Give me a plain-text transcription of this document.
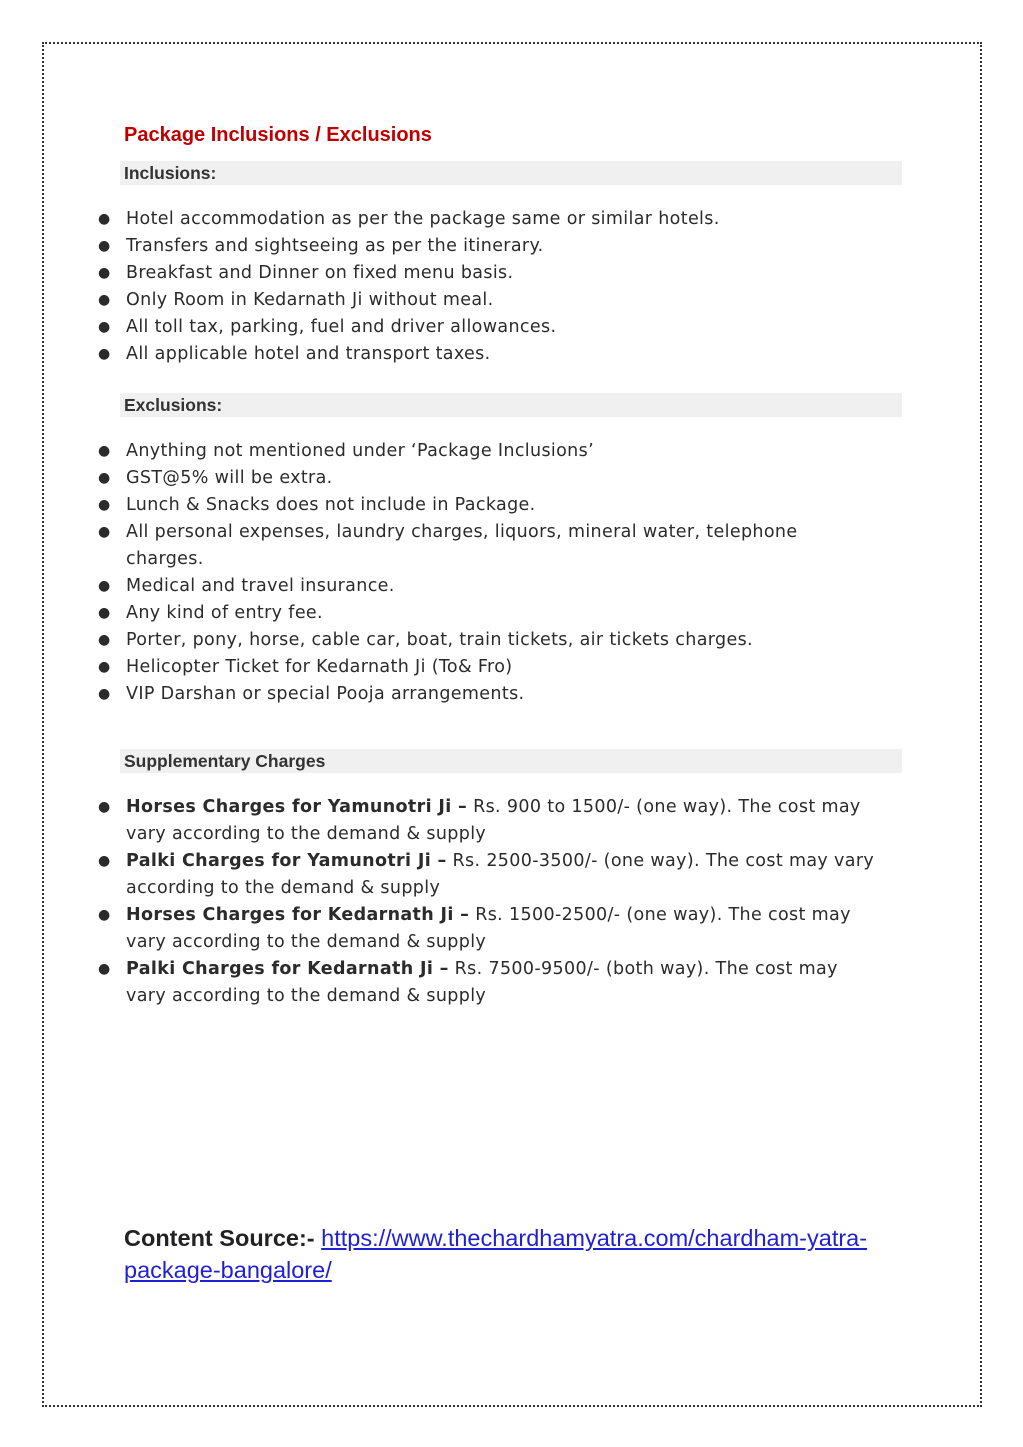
Package Inclusions / Exclusions
Inclusions:
● Hotel accommodation as per the package same or similar hotels.
● Transfers and sightseeing as per the itinerary.
● Breakfast and Dinner on fixed menu basis.
● Only Room in Kedarnath Ji without meal.
● All toll tax, parking, fuel and driver allowances.
● All applicable hotel and transport taxes.
Exclusions:
● Anything not mentioned under ‘Package Inclusions’
● GST@5% will be extra.
● Lunch & Snacks does not include in Package.
● All personal expenses, laundry charges, liquors, mineral water, telephone charges.
● Medical and travel insurance.
● Any kind of entry fee.
● Porter, pony, horse, cable car, boat, train tickets, air tickets charges.
● Helicopter Ticket for Kedarnath Ji (To& Fro)
● VIP Darshan or special Pooja arrangements.
Supplementary Charges
● Horses Charges for Yamunotri Ji – Rs. 900 to 1500/- (one way). The cost may vary according to the demand & supply
● Palki Charges for Yamunotri Ji – Rs. 2500-3500/- (one way). The cost may vary according to the demand & supply
● Horses Charges for Kedarnath Ji – Rs. 1500-2500/- (one way). The cost may vary according to the demand & supply
● Palki Charges for Kedarnath Ji – Rs. 7500-9500/- (both way). The cost may vary according to the demand & supply
Content Source:- https://www.thechardhamyatra.com/chardham-yatra-package-bangalore/
